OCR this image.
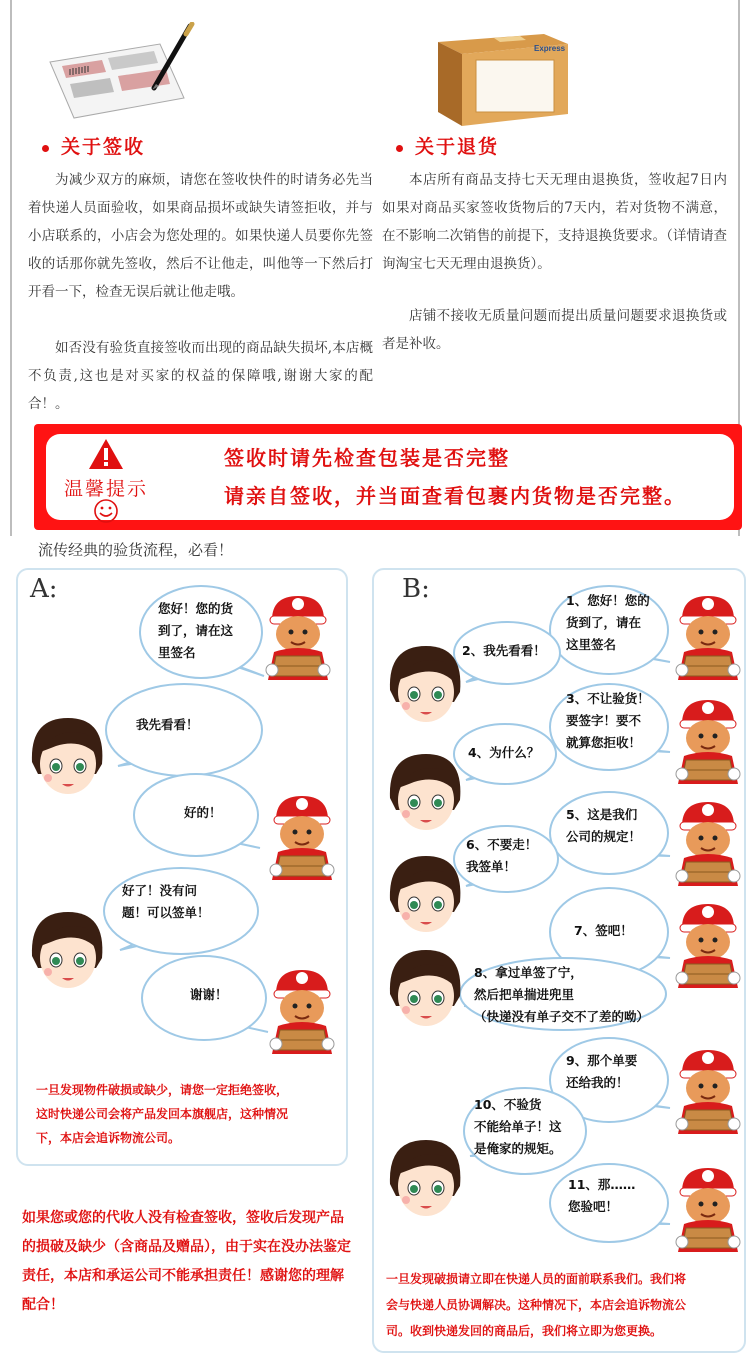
关于签收

为减少双方的麻烦，请您在签收快件的时请务必先当着快递人员面验收，如果商品损坏或缺失请签拒收，并与小店联系的，小店会为您处理的。如果快递人员要你先签收的话那你就先签收，然后不让他走，叫他等一下然后打开看一下，检查无误后就让他走哦。

如否没有验货直接签收而出现的商品缺失损坏,本店概不负责,这也是对买家的权益的保障哦,谢谢大家的配合！。

Express
关于退货

本店所有商品支持七天无理由退换货，签收起7日内如果对商品买家签收货物后的7天内，若对货物不满意，在不影响二次销售的前提下，支持退换货要求。（详情请查询淘宝七天无理由退换货）。

店铺不接收无质量问题而提出质量问题要求退换货或者是补收。

温馨提示
签收时请先检查包装是否完整
请亲自签收，并当面查看包裹内货物是否完整。
流传经典的验货流程，必看！
A:	B:
您好！您的货
到了，请在这
里签名
我先看看！
好的！
好了！没有问
题！可以签单！
谢谢！
1、您好！您的
货到了，请在
这里签名
2、我先看看！
3、不让验货！
要签字！要不
就算您拒收！
4、为什么？
5、这是我们
公司的规定！
6、不要走！
我签单！
7、签吧！
8、拿过单签了宁，
然后把单揣进兜里
（快递没有单子交不了差的呦）
9、那个单要
还给我的！
10、不验货
不能给单子！这
是俺家的规矩。
11、那……
您验吧！
一旦发现物件破损或缺少，请您一定拒绝签收，
这时快递公司会将产品发回本旗舰店，这种情况
下，本店会追诉物流公司。
一旦发现破损请立即在快递人员的面前联系我们。我们将
会与快递人员协调解决。这种情况下，本店会追诉物流公
司。收到快递发回的商品后，我们将立即为您更换。
如果您或您的代收人没有检查签收，签收后发现产品的损破及缺少（含商品及赠品），由于实在没办法鉴定责任，本店和承运公司不能承担责任！感谢您的理解配合！
